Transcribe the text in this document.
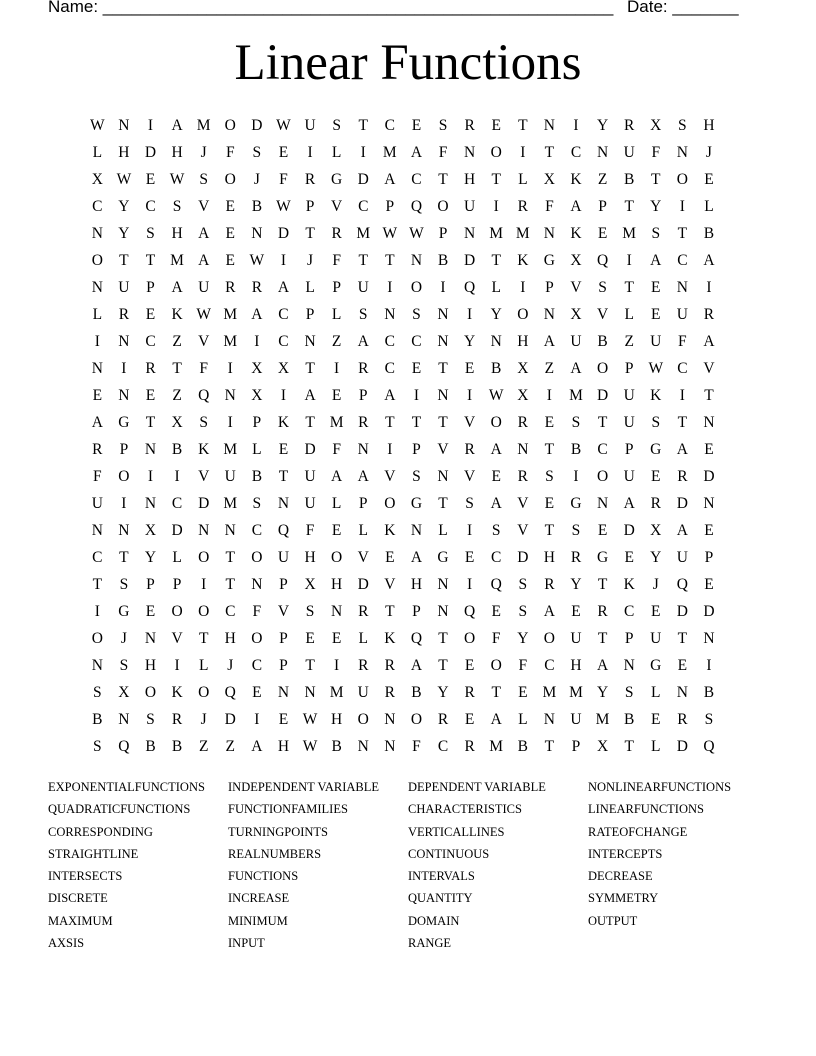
Name: ______________________________________________________ Date: _______
Linear Functions
W N	I	A M O D W U	S	T	C	E	S	R	E	T	N	I	Y	R	X	S	H
L	H D H	J	F	S	E	I	L	I	M A	F	N O	I	T	C	N U	F	N	J
X W E W S	O	J	F	R	G D A	C	T	H	T	L	X K	Z	B	T	O	E
C	Y	C	S	V	E	B W P	V	C	P	Q O U	I	R	F	A	P	T	Y	I	L
N Y	S	H A	E	N D	T	R M W W P	N M M N K	E M S	T	B
O	T	T M A	E W	I	J	F	T	T	N	B	D	T	K G X Q	I	A	C	A
N U	P	A U	R	R	A	L	P	U	I	O	I	Q	L	I	P	V	S	T	E	N	I
L	R	E	K W M A	C	P	L	S	N	S	N	I	Y O N X V	L	E	U	R
I	N	C	Z	V M	I	C	N	Z	A	C	C	N Y N H A U	B	Z	U	F	A
N	I	R	T	F	I	X X	T	I	R	C	E	T	E	B	X	Z	A O	P W C	V
E	N	E	Z	Q N X	I	A	E	P	A	I	N	I	W X	I	M D U K	I	T
A G	T	X	S	I	P	K	T M R	T	T	T	V O	R	E	S	T	U	S	T	N
R	P	N	B	K M L	E	D	F	N	I	P	V	R	A N	T	B	C	P	G A	E
F	O	I	I	V U	B	T	U A A V	S	N V	E	R	S	I	O U	E	R	D
U	I	N	C	D M S	N U	L	P	O G	T	S	A V	E	G N A	R	D N
N N X D N N	C	Q	F	E	L	K N	L	I	S	V	T	S	E	D X A	E
C	T	Y	L	O	T	O U H O V	E	A G	E	C	D H	R	G	E	Y U	P
T	S	P	P	I	T	N	P	X H D V H N	I	Q	S	R	Y	T	K	J	Q	E
I	G	E	O O	C	F	V	S	N	R	T	P	N Q	E	S	A	E	R	C	E	D D
O	J	N V	T	H O	P	E	E	L	K Q	T	O	F	Y O U	T	P	U	T	N
N	S	H	I	L	J	C	P	T	I	R	R	A	T	E	O	F	C	H A N G	E	I
S	X O K O Q	E	N N M U	R	B	Y	R	T	E M M Y	S	L	N	B
B	N	S	R	J	D	I	E W H O N O	R	E	A	L	N U M B	E	R	S
S	Q	B	B	Z	Z	A H W B	N N	F	C	R M B	T	P	X	T	L	D Q
EXPONENTIALFUNCTIONS	INDEPENDENT VARIABLE	DEPENDENT VARIABLE	NONLINEARFUNCTIONS
QUADRATICFUNCTIONS	FUNCTIONFAMILIES	CHARACTERISTICS	LINEARFUNCTIONS
CORRESPONDING	TURNINGPOINTS	VERTICALLINES	RATEOFCHANGE
STRAIGHTLINE	REALNUMBERS	CONTINUOUS	INTERCEPTS
INTERSECTS	FUNCTIONS	INTERVALS	DECREASE
DISCRETE	INCREASE	QUANTITY	SYMMETRY
MAXIMUM	MINIMUM	DOMAIN	OUTPUT
AXSIS	INPUT	RANGE
